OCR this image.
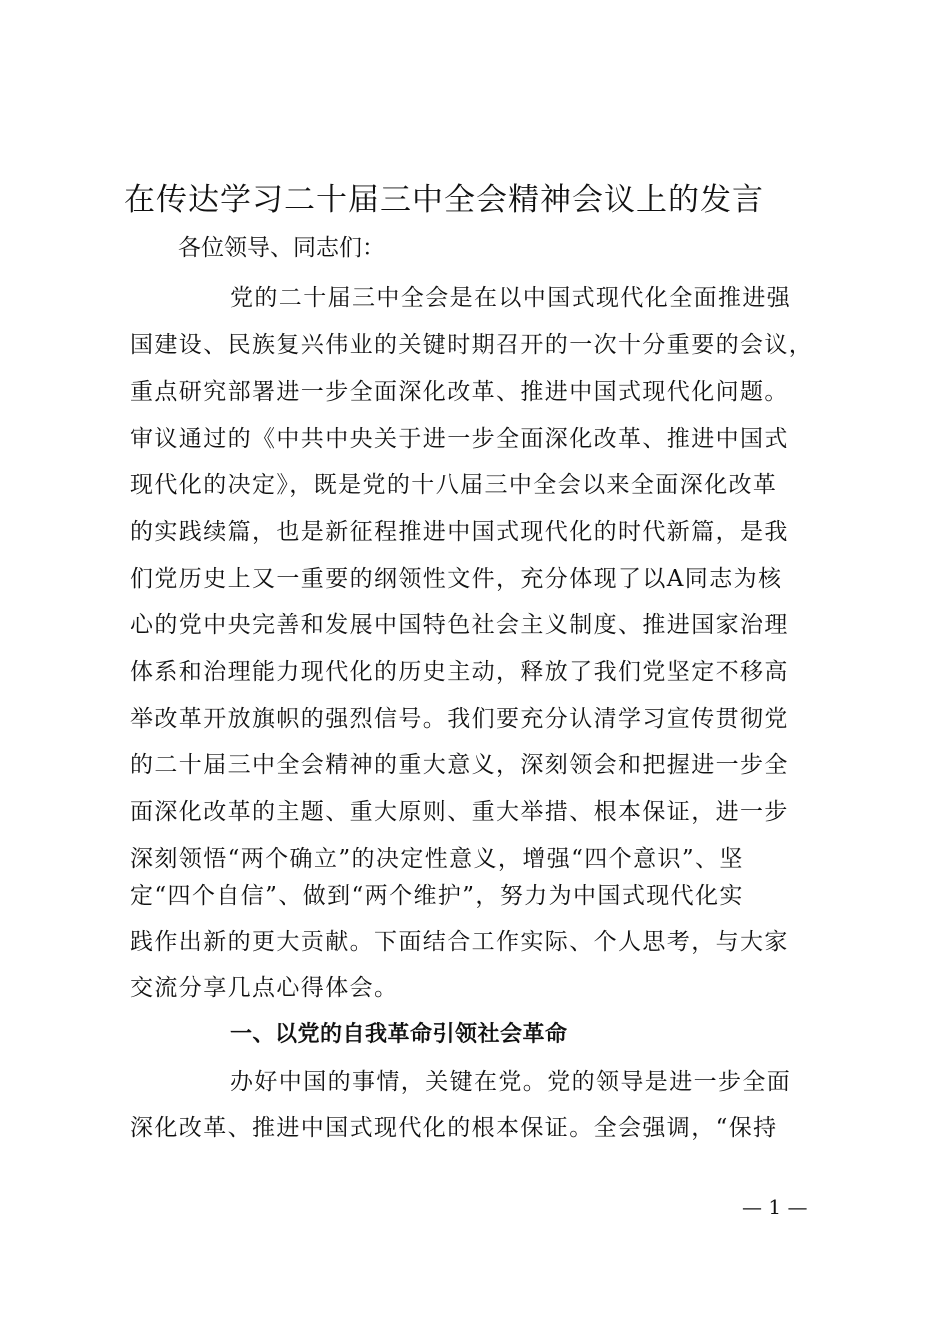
在传达学习二十届三中全会精神会议上的发言
各位领导、同志们：
党的二十届三中全会是在以中国式现代化全面推进强
国建设、民族复兴伟业的关键时期召开的一次十分重要的会议，
重点研究部署进一步全面深化改革、推进中国式现代化问题。
审议通过的《中共中央关于进一步全面深化改革、推进中国式
现代化的决定》，既是党的十八届三中全会以来全面深化改革
的实践续篇，也是新征程推进中国式现代化的时代新篇，是我
们党历史上又一重要的纲领性文件，充分体现了以A同志为核
心的党中央完善和发展中国特色社会主义制度、推进国家治理
体系和治理能力现代化的历史主动，释放了我们党坚定不移高
举改革开放旗帜的强烈信号。我们要充分认清学习宣传贯彻党
的二十届三中全会精神的重大意义，深刻领会和把握进一步全
面深化改革的主题、重大原则、重大举措、根本保证，进一步
深刻领悟“两个确立”的决定性意义，增强“四个意识”、坚
定“四个自信”、做到“两个维护”，努力为中国式现代化实
践作出新的更大贡献。下面结合工作实际、个人思考，与大家
交流分享几点心得体会。
一、以党的自我革命引领社会革命
办好中国的事情，关键在党。党的领导是进一步全面
深化改革、推进中国式现代化的根本保证。全会强调，“保持
— 1 —
